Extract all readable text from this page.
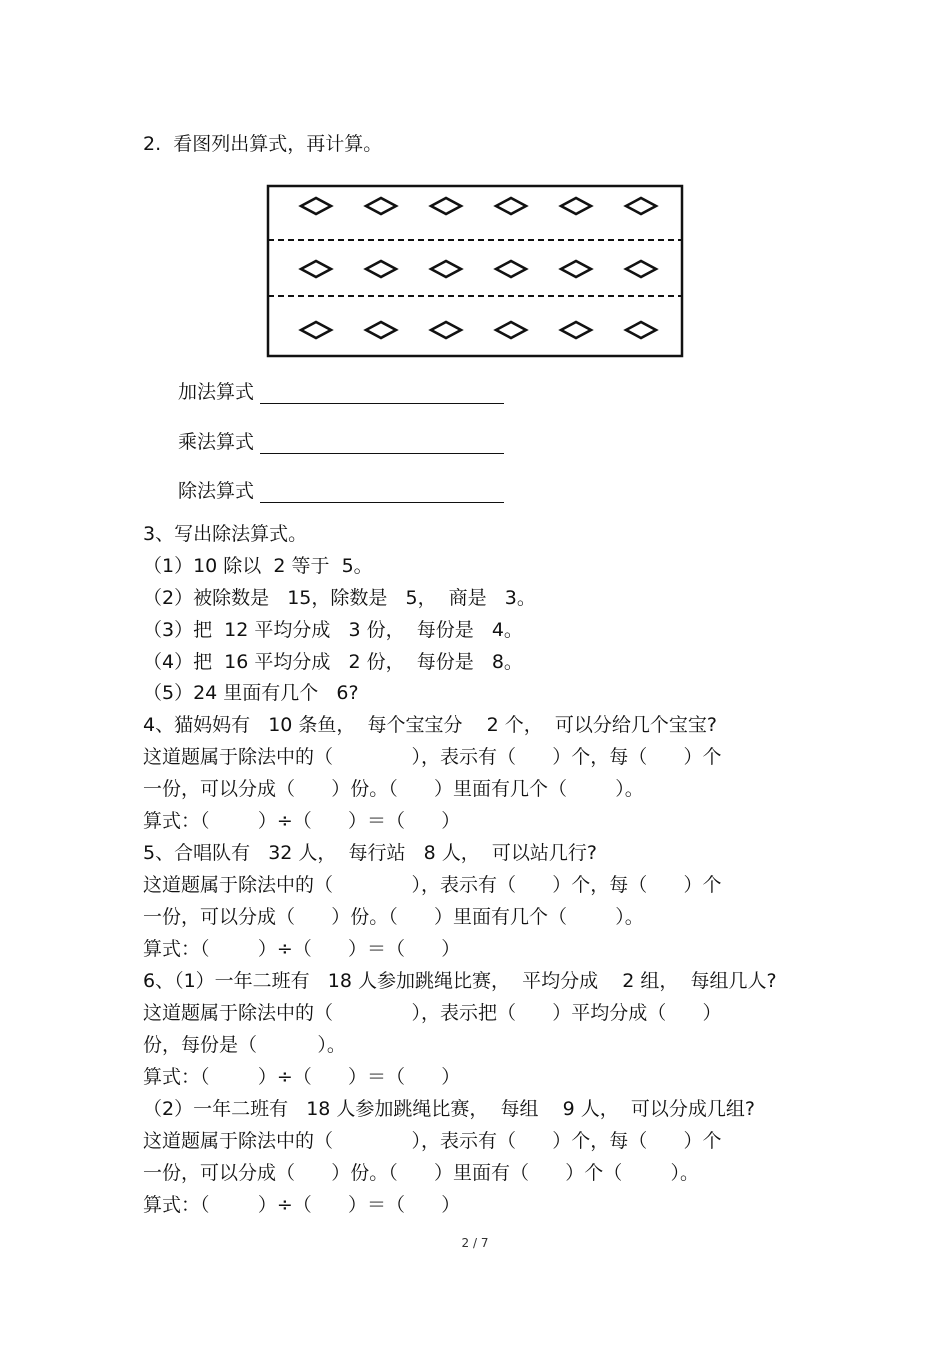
2.  看图列出算式，再计算。
加法算式
乘法算式
除法算式
3、写出除法算式。
（1）10 除以  2 等于  5。
（2）被除数是   15，除数是   5，  商是   3。
（3）把  12 平均分成   3 份，  每份是   4。
（4）把  16 平均分成   2 份，  每份是   8。
（5）24 里面有几个   6?
4、猫妈妈有   10 条鱼，  每个宝宝分    2 个，  可以分给几个宝宝?
这道题属于除法中的（             ），表示有（      ）个，每（      ）个
一份，可以分成（      ）份。（      ）里面有几个（        ）。
算式：（        ）÷（      ）＝（      ）
5、合唱队有   32 人，  每行站   8 人，  可以站几行?
这道题属于除法中的（             ），表示有（      ）个，每（      ）个
一份，可以分成（      ）份。（      ）里面有几个（        ）。
算式：（        ）÷（      ）＝（      ）
6、（1）一年二班有   18 人参加跳绳比赛，  平均分成    2 组，  每组几人?
这道题属于除法中的（             ），表示把（      ）平均分成（      ）
份，每份是（          ）。
算式：（        ）÷（      ）＝（      ）
（2）一年二班有   18 人参加跳绳比赛，  每组    9 人，  可以分成几组?
这道题属于除法中的（             ），表示有（      ）个，每（      ）个
一份，可以分成（      ）份。（      ）里面有（      ）个（        ）。
算式：（        ）÷（      ）＝（      ）
2 / 7
